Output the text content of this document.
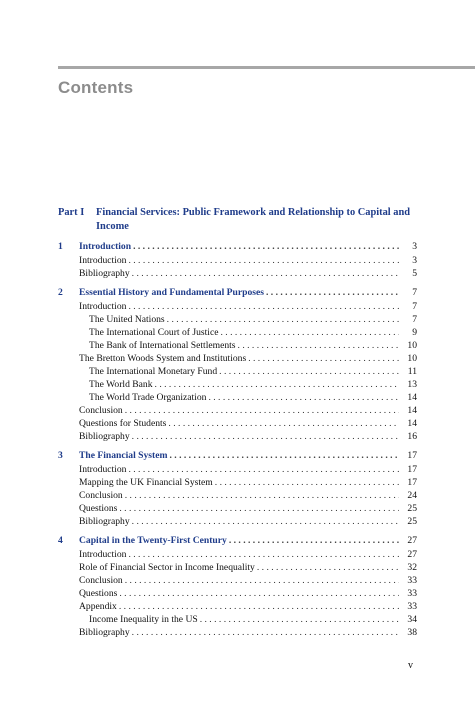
Contents
Part I	Financial Services: Public Framework and Relationship to Capital and Income
1	Introduction . . .	3
Introduction . . .	3
Bibliography . . .	5
2	Essential History and Fundamental Purposes . . .	7
Introduction . . .	7
The United Nations . . .	7
The International Court of Justice . . .	9
The Bank of International Settlements . . .	10
The Bretton Woods System and Institutions . . .	10
The International Monetary Fund . . .	11
The World Bank . . .	13
The World Trade Organization . . .	14
Conclusion . . .	14
Questions for Students . . .	14
Bibliography . . .	16
3	The Financial System . . .	17
Introduction . . .	17
Mapping the UK Financial System . . .	17
Conclusion . . .	24
Questions . . .	25
Bibliography . . .	25
4	Capital in the Twenty-First Century . . .	27
Introduction . . .	27
Role of Financial Sector in Income Inequality . . .	32
Conclusion . . .	33
Questions . . .	33
Appendix . . .	33
Income Inequality in the US . . .	34
Bibliography . . .	38
v
